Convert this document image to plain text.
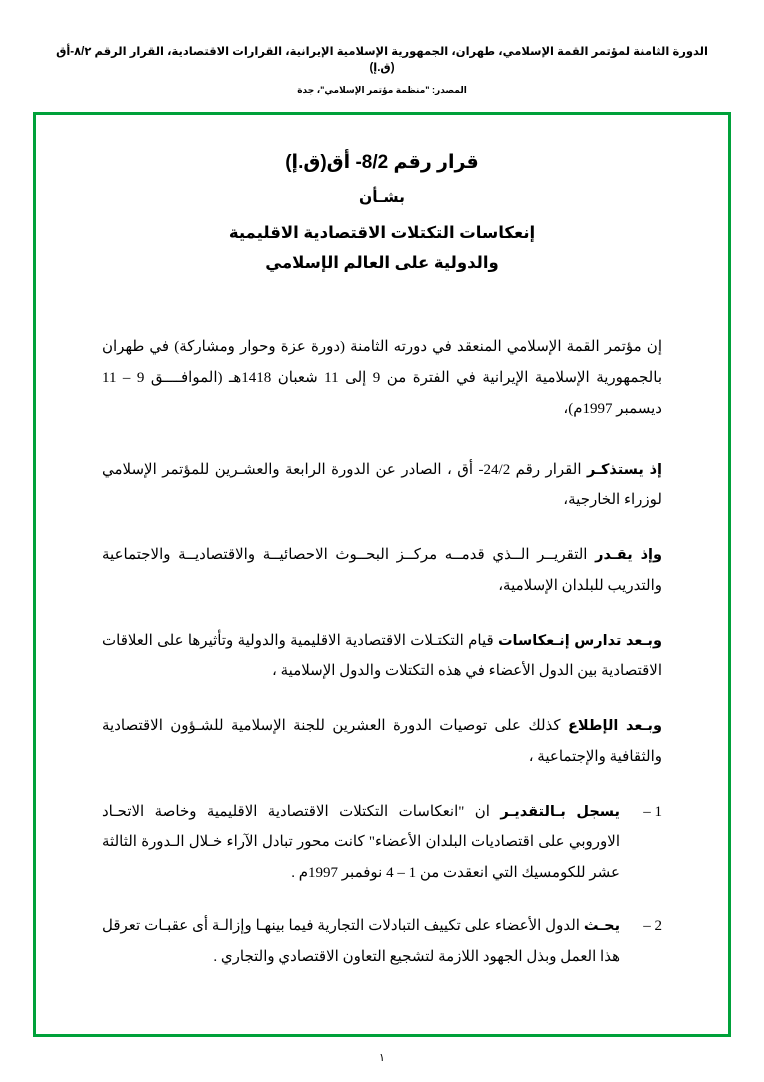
الدورة الثامنة لمؤتمر القمة الإسلامي، طهران، الجمهورية الإسلامية الإيرانية، القرارات الاقتصادية، القرار الرقم ٨/٢-أق (ق.إ)
المصدر: "منظمة مؤتمر الإسلامي"، جدة
قرار رقم 8/2- أق(ق.إ)
بشـأن
إنعكاسات التكتلات الاقتصادية الاقليمية
والدولية على العالم الإسلامي
إن مؤتمر القمة الإسلامي المنعقد في دورته الثامنة (دورة عزة وحوار ومشاركة) في طهران بالجمهورية الإسلامية الإيرانية في الفترة من 9 إلى 11 شعبان 1418هـ (الموافــــق 9 – 11 ديسمبر 1997م)،
إذ يستذكـر القرار رقم 24/2- أق ، الصادر عن الدورة الرابعة والعشـرين للمؤتمر الإسلامي لوزراء الخارجية،
وإذ يقـدر التقريــر الــذي قدمــه مركــز البحــوث الاحصائيــة والاقتصاديــة والاجتماعية والتدريب للبلدان الإسلامية،
وبـعد تدارس إنـعكاسات قيام التكتـلات الاقتصادية الاقليمية والدولية وتأثيرها على العلاقات الاقتصادية بين الدول الأعضاء في هذه التكتلات والدول الإسلامية ،
وبـعد الإطلاع كذلك على توصيات الدورة العشرين للجنة الإسلامية للشـؤون الاقتصادية والثقافية والإجتماعية ،
1 –
يسجل بـالتقديـر ان "انعكاسات التكتلات الاقتصادية الاقليمية وخاصة الاتحـاد الاوروبي على اقتصاديات البلدان الأعضاء" كانت محور تبادل الآراء خـلال الـدورة الثالثة عشر للكومسيك التي انعقدت من 1 – 4 نوفمبر 1997م .
2 –
يحـث الدول الأعضاء على تكييف التبادلات التجارية فيما بينهـا وإزالـة أى عقبـات تعرقل هذا العمل وبذل الجهود اللازمة لتشجيع التعاون الاقتصادي والتجاري .
١
